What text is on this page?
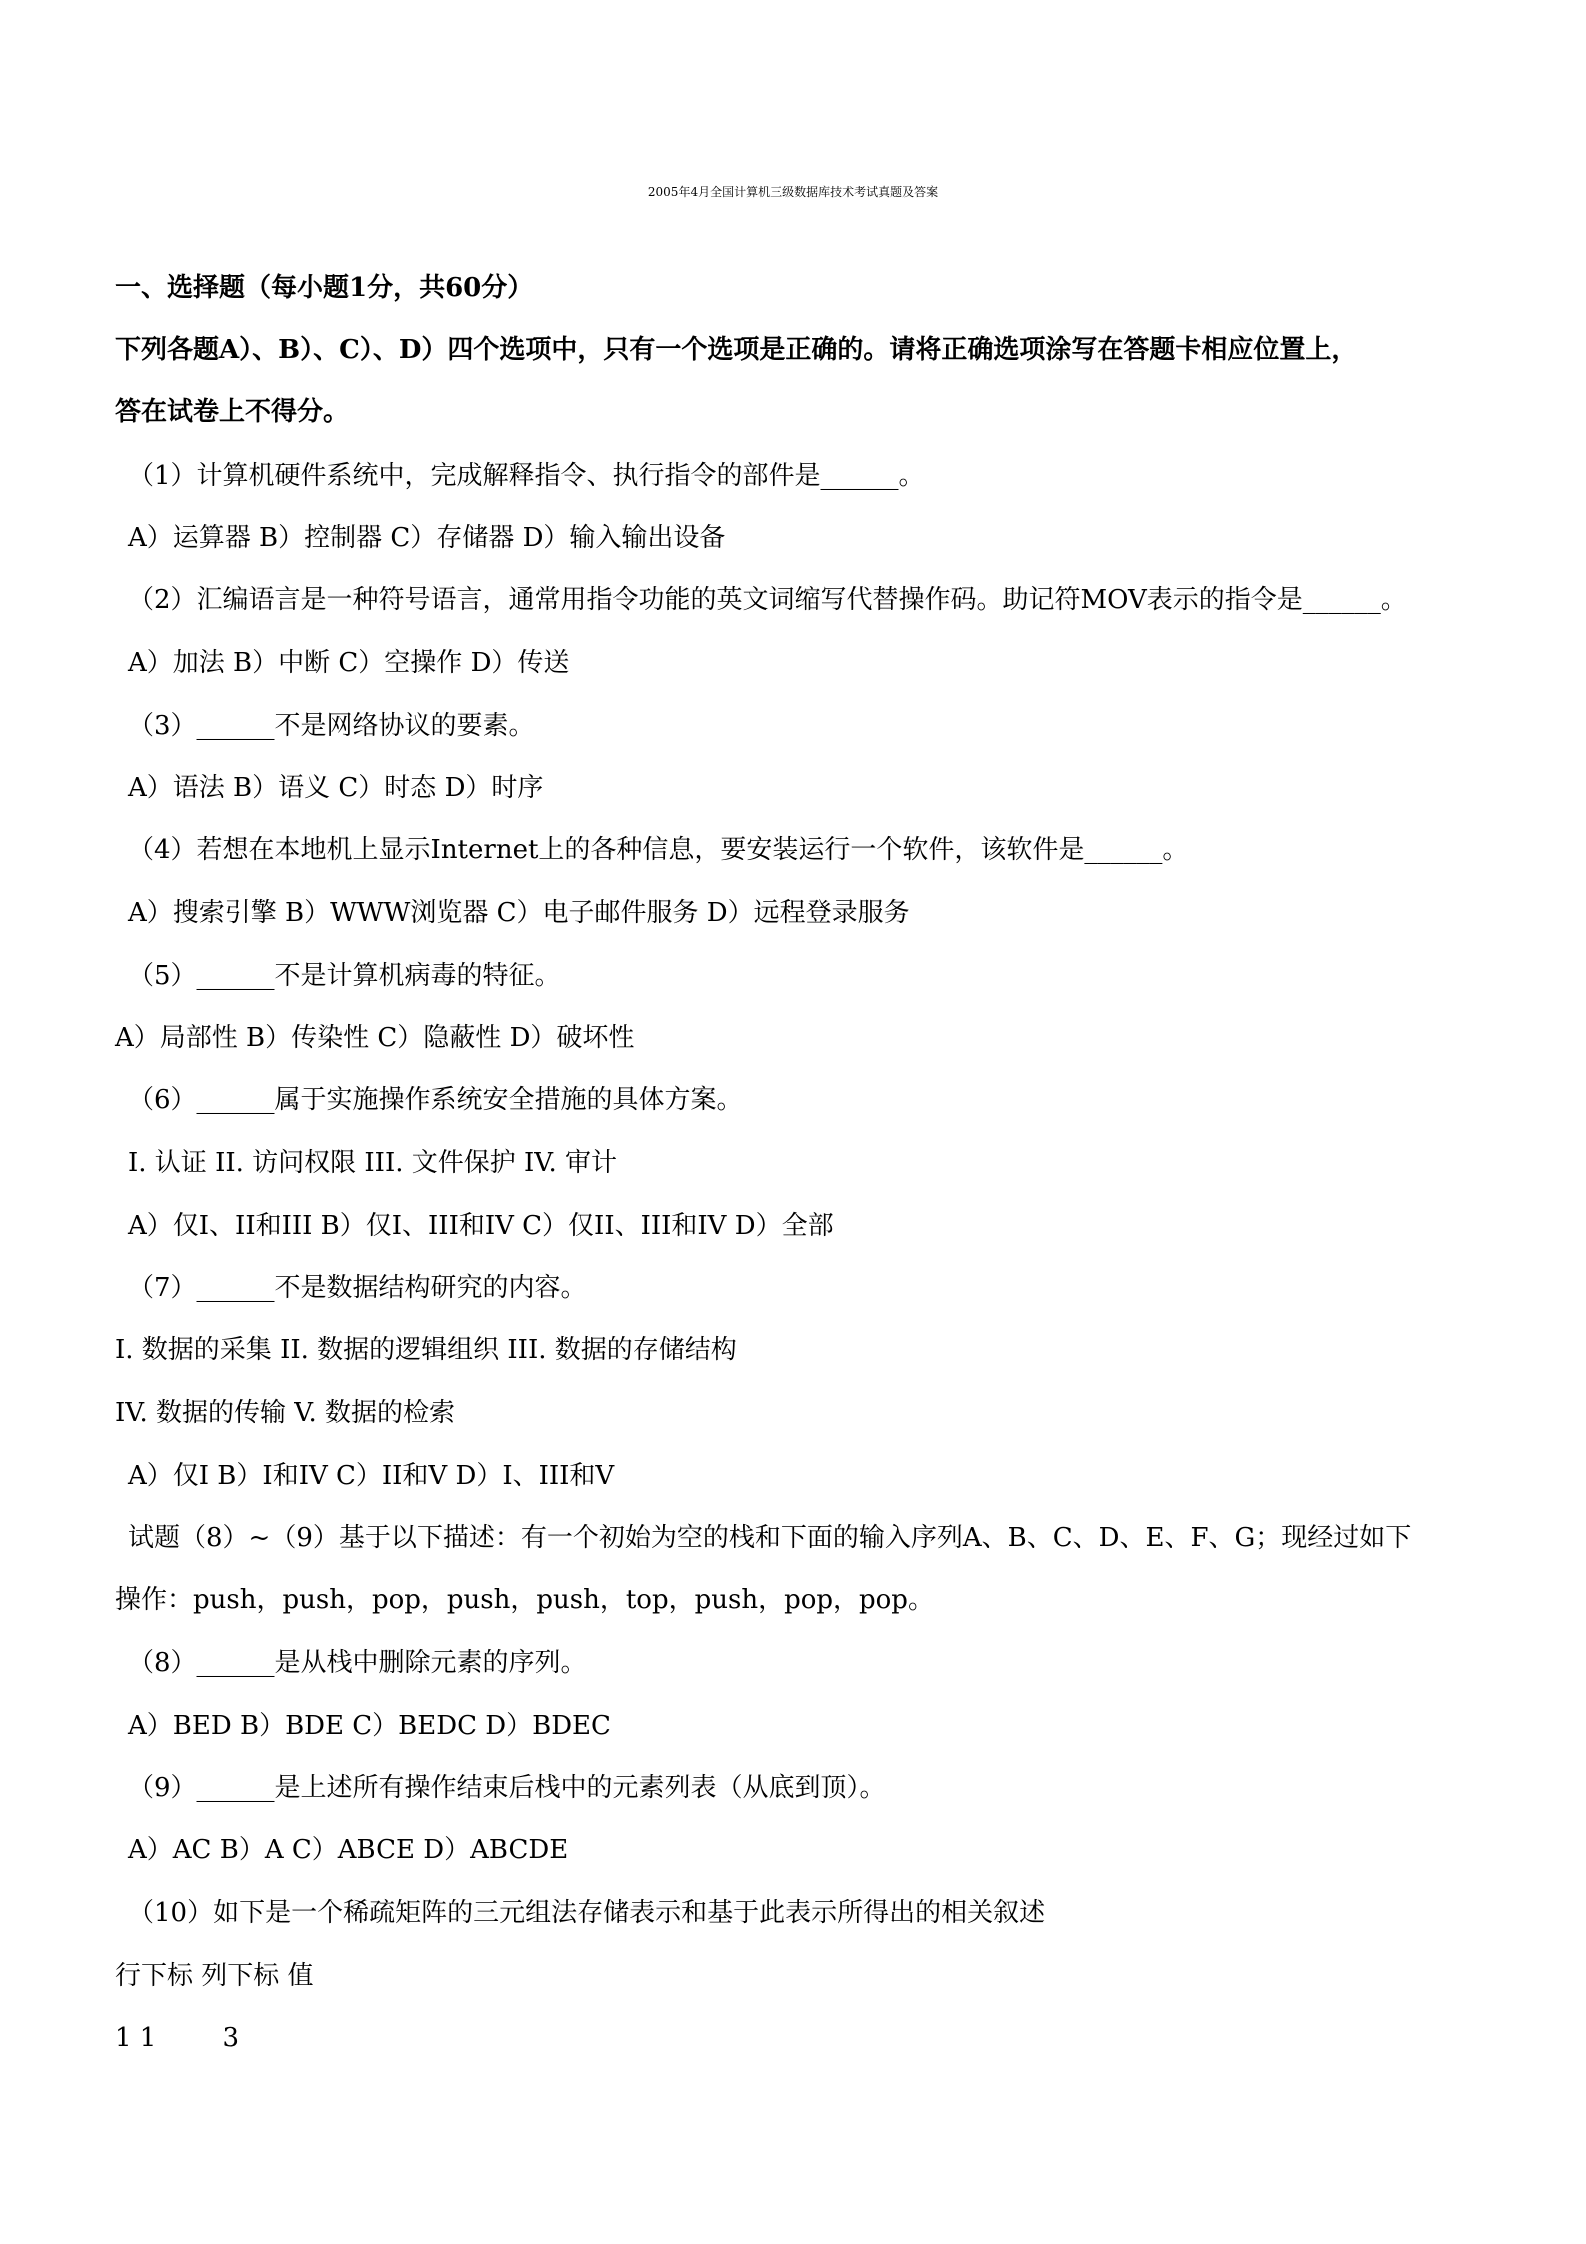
2005年4月全国计算机三级数据库技术考试真题及答案
一、选择题（每小题1分，共60分）
下列各题A）、B）、C）、D）四个选项中，只有一个选项是正确的。请将正确选项涂写在答题卡相应位置上，
答在试卷上不得分。
（1）计算机硬件系统中，完成解释指令、执行指令的部件是______。
A）运算器 B）控制器 C）存储器 D）输入输出设备
（2）汇编语言是一种符号语言，通常用指令功能的英文词缩写代替操作码。助记符MOV表示的指令是______。
A）加法 B）中断 C）空操作 D）传送
（3）______不是网络协议的要素。
A）语法 B）语义 C）时态 D）时序
（4）若想在本地机上显示Internet上的各种信息，要安装运行一个软件，该软件是______。
A）搜索引擎 B）WWW浏览器 C）电子邮件服务 D）远程登录服务
（5）______不是计算机病毒的特征。
A）局部性 B）传染性 C）隐蔽性 D）破坏性
（6）______属于实施操作系统安全措施的具体方案。
I. 认证 II. 访问权限 III. 文件保护 IV. 审计
A）仅I、II和III B）仅I、III和IV C）仅II、III和IV D）全部
（7）______不是数据结构研究的内容。
I. 数据的采集 II. 数据的逻辑组织 III. 数据的存储结构
IV. 数据的传输 V. 数据的检索
A）仅I B）I和IV C）II和V D）I、III和V
试题（8）~（9）基于以下描述：有一个初始为空的栈和下面的输入序列A、B、C、D、E、F、G；现经过如下
操作：push，push，pop，push，push，top，push，pop，pop。
（8）______是从栈中删除元素的序列。
A）BED B）BDE C）BEDC D）BDEC
（9）______是上述所有操作结束后栈中的元素列表（从底到顶）。
A）AC B）A C）ABCE D）ABCDE
（10）如下是一个稀疏矩阵的三元组法存储表示和基于此表示所得出的相关叙述
行下标 列下标 值
1 1        3
